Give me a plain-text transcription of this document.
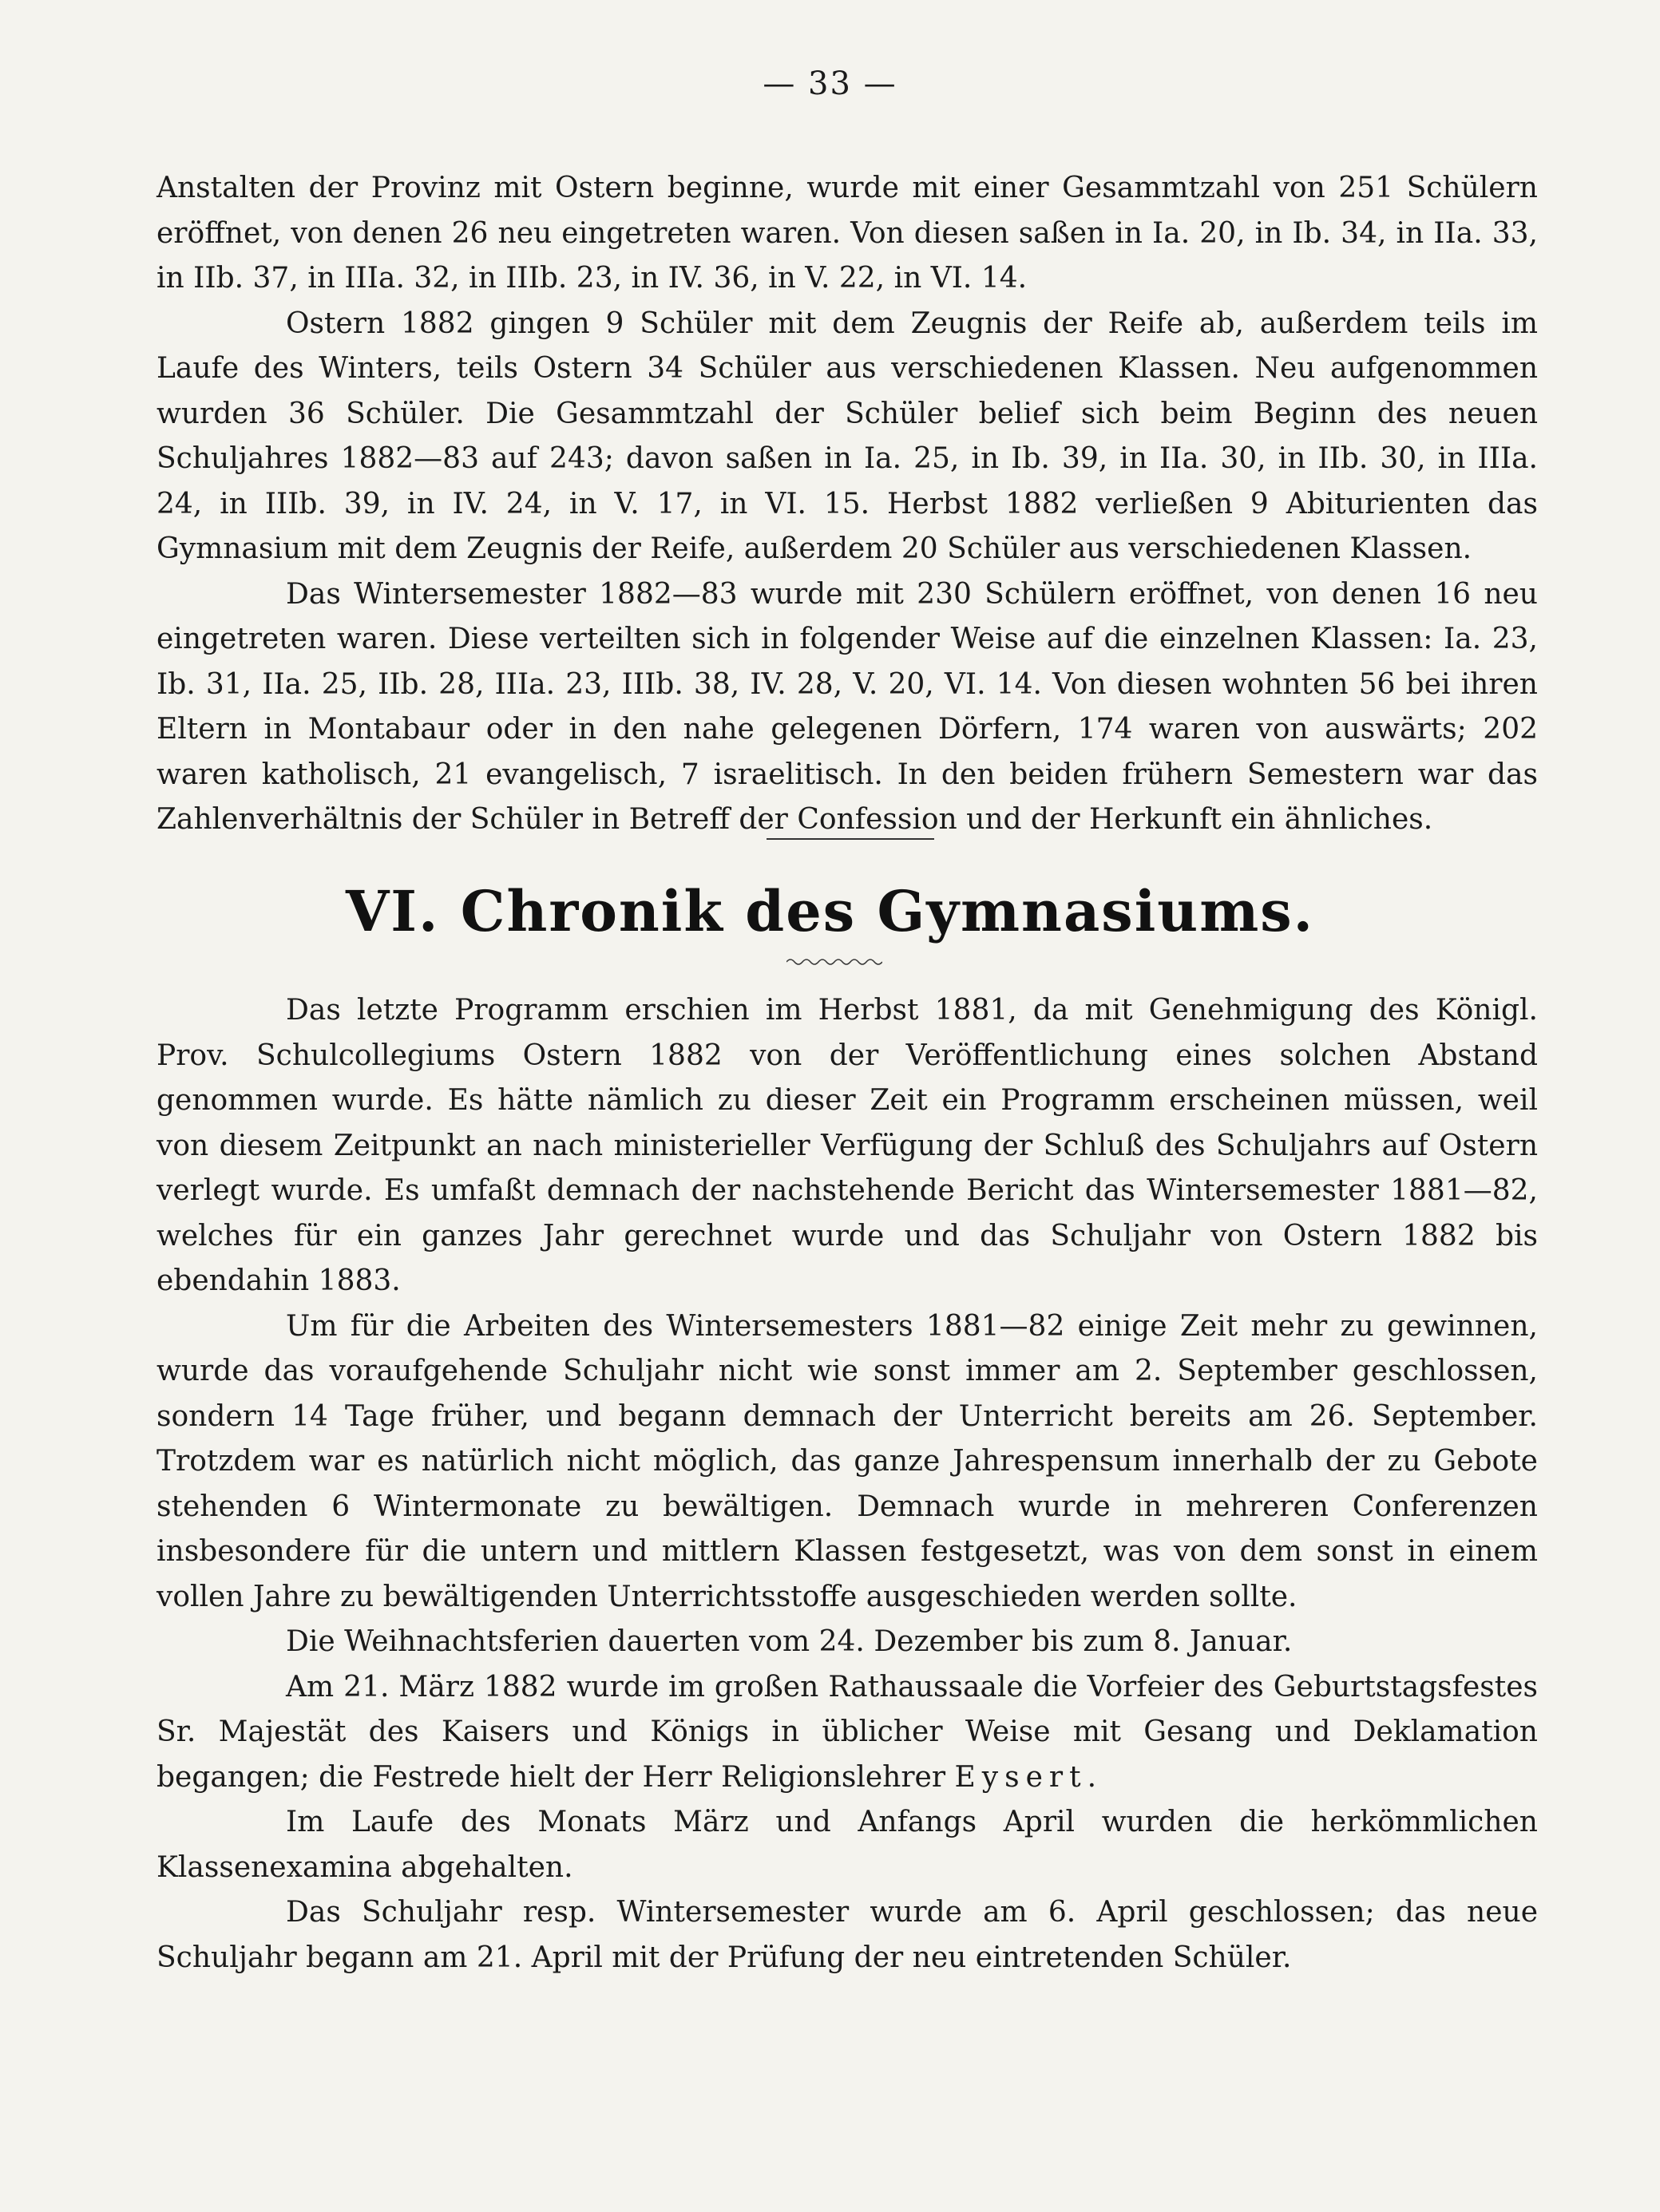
— 33 —

Anstalten der Provinz mit Ostern beginne, wurde mit einer Gesammtzahl von 251 Schülern eröffnet, von denen 26 neu eingetreten waren. Von diesen saßen in Ia. 20, in Ib. 34, in IIa. 33, in IIb. 37, in IIIa. 32, in IIIb. 23, in IV. 36, in V. 22, in VI. 14.

Ostern 1882 gingen 9 Schüler mit dem Zeugnis der Reife ab, außerdem teils im Laufe des Winters, teils Ostern 34 Schüler aus verschiedenen Klassen. Neu aufgenommen wurden 36 Schüler. Die Gesammtzahl der Schüler belief sich beim Beginn des neuen Schuljahres 1882—83 auf 243; davon saßen in Ia. 25, in Ib. 39, in IIa. 30, in IIb. 30, in IIIa. 24, in IIIb. 39, in IV. 24, in V. 17, in VI. 15. Herbst 1882 verließen 9 Abiturienten das Gymnasium mit dem Zeugnis der Reife, außerdem 20 Schüler aus verschiedenen Klassen.

Das Wintersemester 1882—83 wurde mit 230 Schülern eröffnet, von denen 16 neu eingetreten waren. Diese verteilten sich in folgender Weise auf die einzelnen Klassen: Ia. 23, Ib. 31, IIa. 25, IIb. 28, IIIa. 23, IIIb. 38, IV. 28, V. 20, VI. 14. Von diesen wohnten 56 bei ihren Eltern in Montabaur oder in den nahe gelegenen Dörfern, 174 waren von auswärts; 202 waren katholisch, 21 evangelisch, 7 israelitisch. In den beiden frühern Semestern war das Zahlenverhältnis der Schüler in Betreff der Confession und der Herkunft ein ähnliches.

VI. Chronik des Gymnasiums.

Das letzte Programm erschien im Herbst 1881, da mit Genehmigung des Königl. Prov. Schulcollegiums Ostern 1882 von der Veröffentlichung eines solchen Abstand genommen wurde. Es hätte nämlich zu dieser Zeit ein Programm erscheinen müssen, weil von diesem Zeitpunkt an nach ministerieller Verfügung der Schluß des Schuljahrs auf Ostern verlegt wurde. Es umfaßt demnach der nachstehende Bericht das Wintersemester 1881—82, welches für ein ganzes Jahr gerechnet wurde und das Schuljahr von Ostern 1882 bis ebendahin 1883.

Um für die Arbeiten des Wintersemesters 1881—82 einige Zeit mehr zu gewinnen, wurde das voraufgehende Schuljahr nicht wie sonst immer am 2. September geschlossen, sondern 14 Tage früher, und begann demnach der Unterricht bereits am 26. September. Trotzdem war es natürlich nicht möglich, das ganze Jahrespensum innerhalb der zu Gebote stehenden 6 Wintermonate zu bewältigen. Demnach wurde in mehreren Conferenzen insbesondere für die untern und mittlern Klassen festgesetzt, was von dem sonst in einem vollen Jahre zu bewältigenden Unterrichtsstoffe ausgeschieden werden sollte.

Die Weihnachtsferien dauerten vom 24. Dezember bis zum 8. Januar.

Am 21. März 1882 wurde im großen Rathaussaale die Vorfeier des Geburtstagsfestes Sr. Majestät des Kaisers und Königs in üblicher Weise mit Gesang und Deklamation begangen; die Festrede hielt der Herr Religionslehrer Eysert.

Im Laufe des Monats März und Anfangs April wurden die herkömmlichen Klassenexamina abgehalten.

Das Schuljahr resp. Wintersemester wurde am 6. April geschlossen; das neue Schuljahr begann am 21. April mit der Prüfung der neu eintretenden Schüler.
